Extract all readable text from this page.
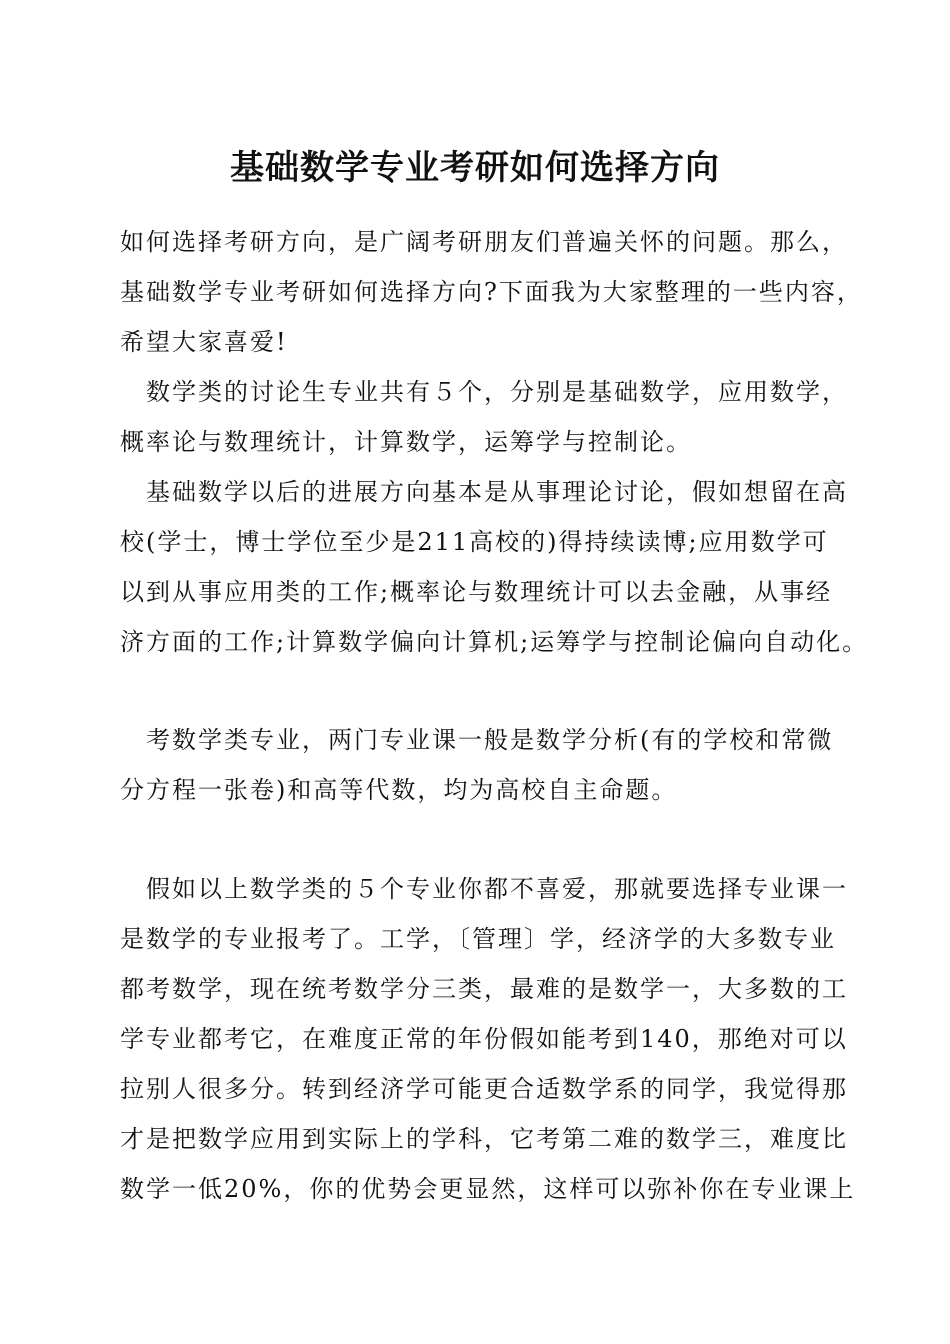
基础数学专业考研如何选择方向
如何选择考研方向，是广阔考研朋友们普遍关怀的问题。那么，
基础数学专业考研如何选择方向?下面我为大家整理的一些内容，
希望大家喜爱!
数学类的讨论生专业共有５个，分别是基础数学，应用数学，
概率论与数理统计，计算数学，运筹学与控制论。
基础数学以后的进展方向基本是从事理论讨论，假如想留在高
校(学士，博士学位至少是211高校的)得持续读博;应用数学可
以到从事应用类的工作;概率论与数理统计可以去金融，从事经
济方面的工作;计算数学偏向计算机;运筹学与控制论偏向自动化。
考数学类专业，两门专业课一般是数学分析(有的学校和常微
分方程一张卷)和高等代数，均为高校自主命题。
假如以上数学类的５个专业你都不喜爱，那就要选择专业课一
是数学的专业报考了。工学，〔管理〕学，经济学的大多数专业
都考数学，现在统考数学分三类，最难的是数学一，大多数的工
学专业都考它，在难度正常的年份假如能考到140，那绝对可以
拉别人很多分。转到经济学可能更合适数学系的同学，我觉得那
才是把数学应用到实际上的学科，它考第二难的数学三，难度比
数学一低20%，你的优势会更显然，这样可以弥补你在专业课上
